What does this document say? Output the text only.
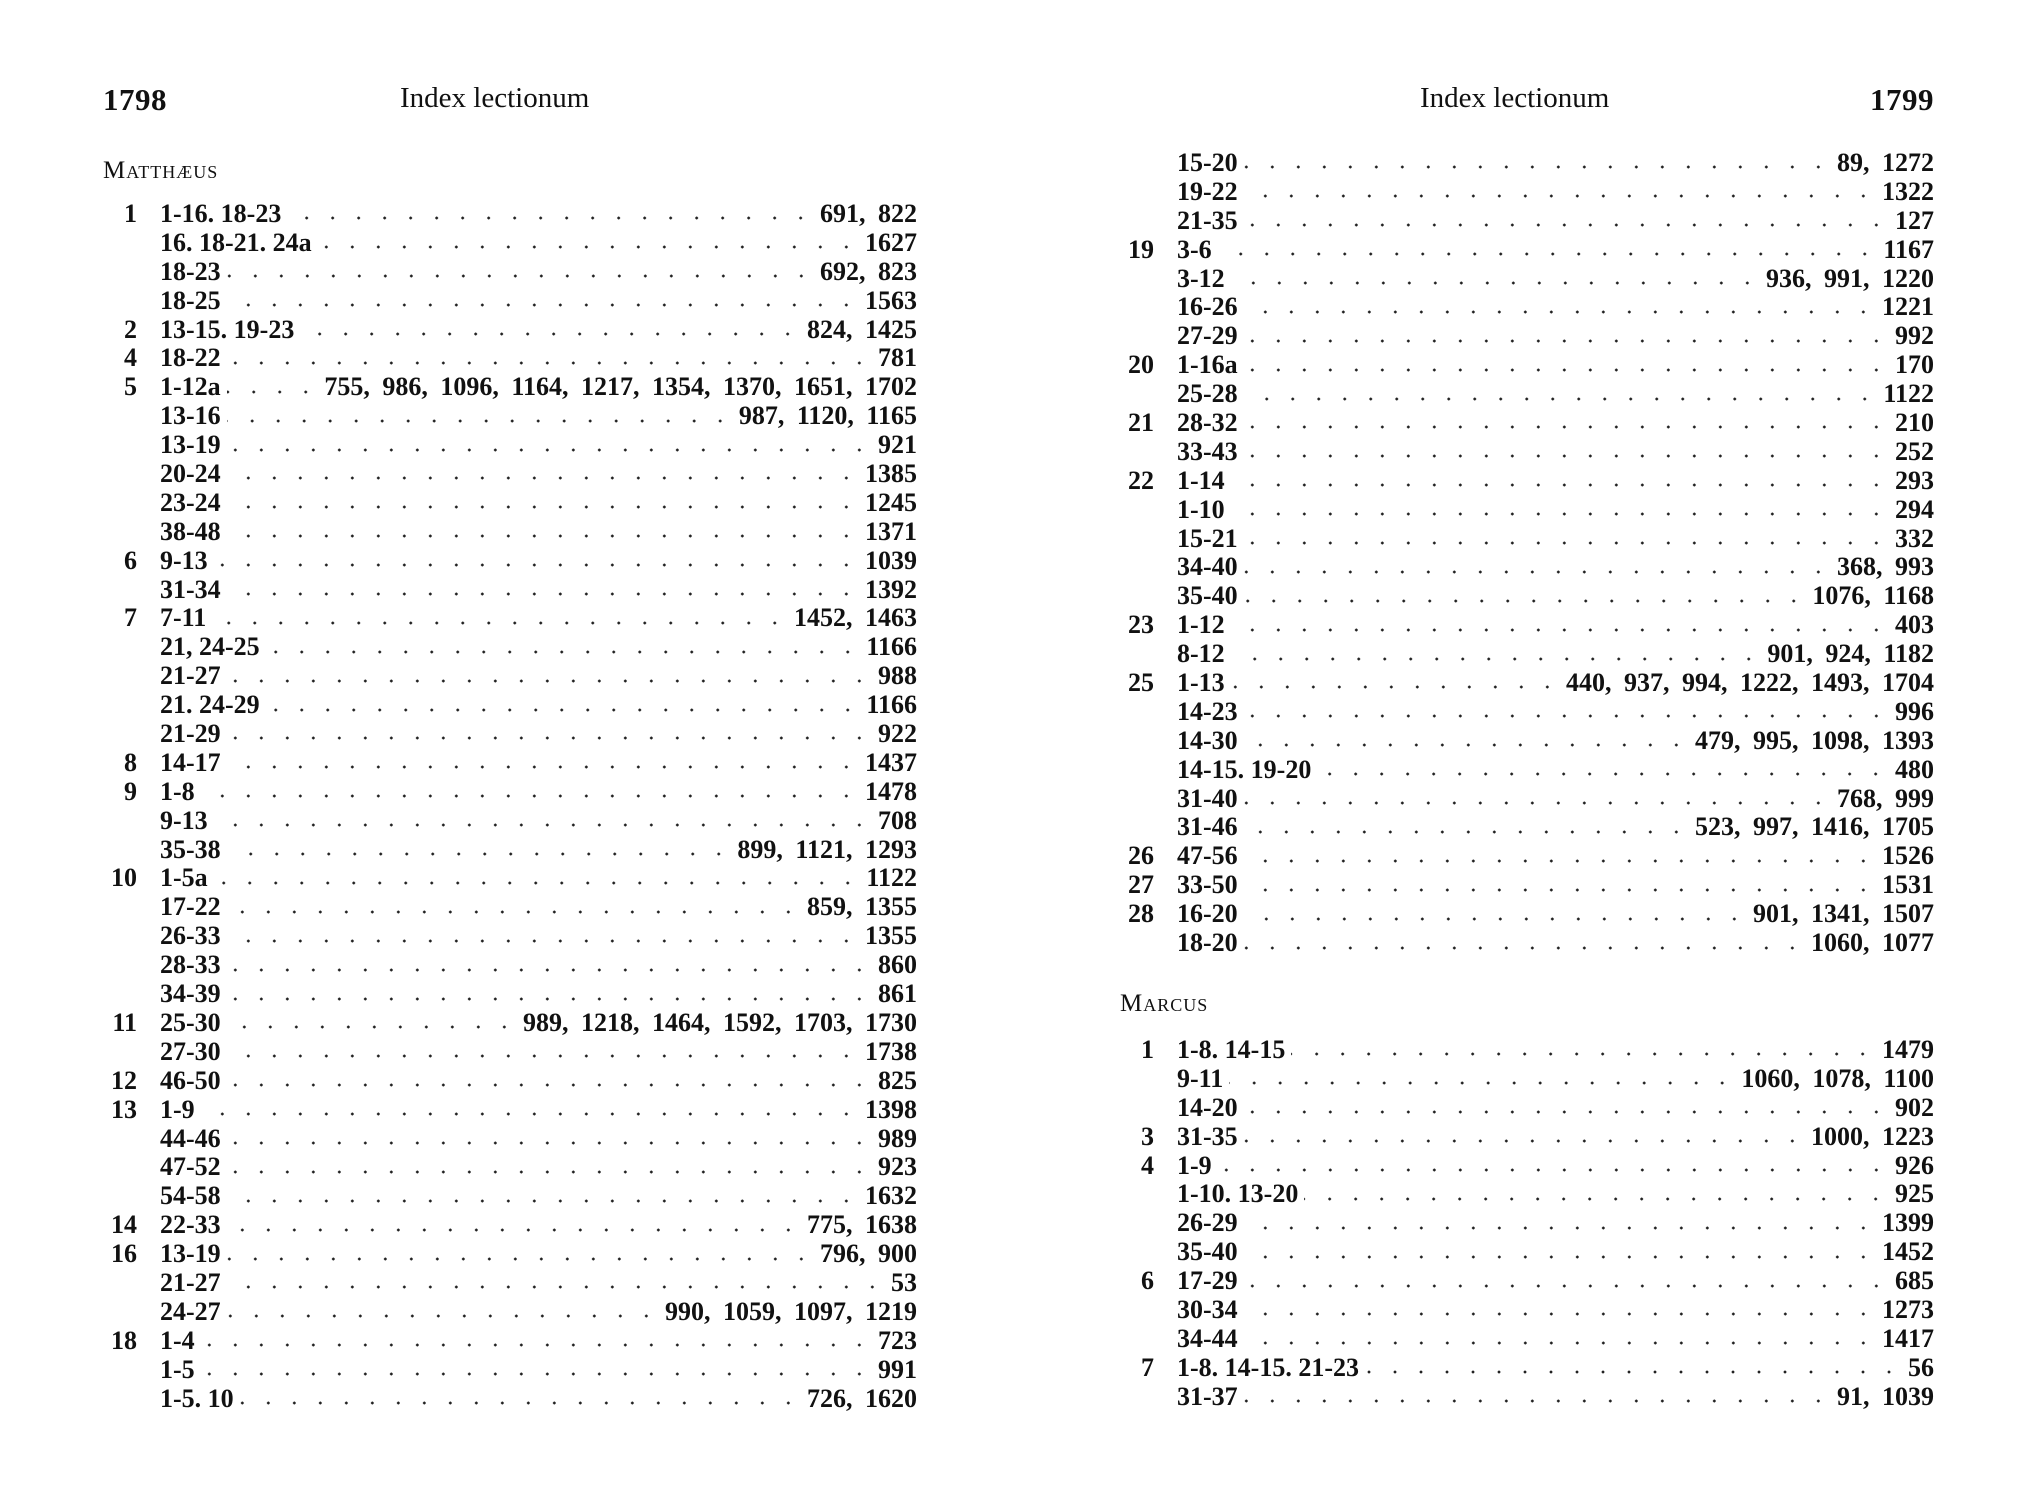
1798	Index lectionum
Matthæus
1 1-16. 18-23	691, 822
16. 18-21. 24a	1627
18-23	692, 823
18-25	1563
2 13-15. 19-23	824, 1425
4 18-22	781
5 1-12a	755, 986, 1096, 1164, 1217, 1354, 1370, 1651, 1702
13-16	987, 1120, 1165
13-19	921
20-24	1385
23-24	1245
38-48	1371
6 9-13	1039
31-34	1392
7 7-11	1452, 1463
21, 24-25	1166
21-27	988
21. 24-29	1166
21-29	922
8 14-17	1437
9 1-8	1478
9-13	708
35-38	899, 1121, 1293
10 1-5a	1122
17-22	859, 1355
26-33	1355
28-33	860
34-39	861
11 25-30	989, 1218, 1464, 1592, 1703, 1730
27-30	1738
12 46-50	825
13 1-9	1398
44-46	989
47-52	923
54-58	1632
14 22-33	775, 1638
16 13-19	796, 900
21-27	53
24-27	990, 1059, 1097, 1219
18 1-4	723
1-5	991
1-5. 10	726, 1620
Index lectionum	1799
15-20	89, 1272
19-22	1322
21-35	127
19 3-6	1167
3-12	936, 991, 1220
16-26	1221
27-29	992
20 1-16a	170
25-28	1122
21 28-32	210
33-43	252
22 1-14	293
1-10	294
15-21	332
34-40	368, 993
35-40	1076, 1168
23 1-12	403
8-12	901, 924, 1182
25 1-13	440, 937, 994, 1222, 1493, 1704
14-23	996
14-30	479, 995, 1098, 1393
14-15. 19-20	480
31-40	768, 999
31-46	523, 997, 1416, 1705
26 47-56	1526
27 33-50	1531
28 16-20	901, 1341, 1507
18-20	1060, 1077
Marcus
1 1-8. 14-15	1479
9-11	1060, 1078, 1100
14-20	902
3 31-35	1000, 1223
4 1-9	926
1-10. 13-20	925
26-29	1399
35-40	1452
6 17-29	685
30-34	1273
34-44	1417
7 1-8. 14-15. 21-23	56
31-37	91, 1039
